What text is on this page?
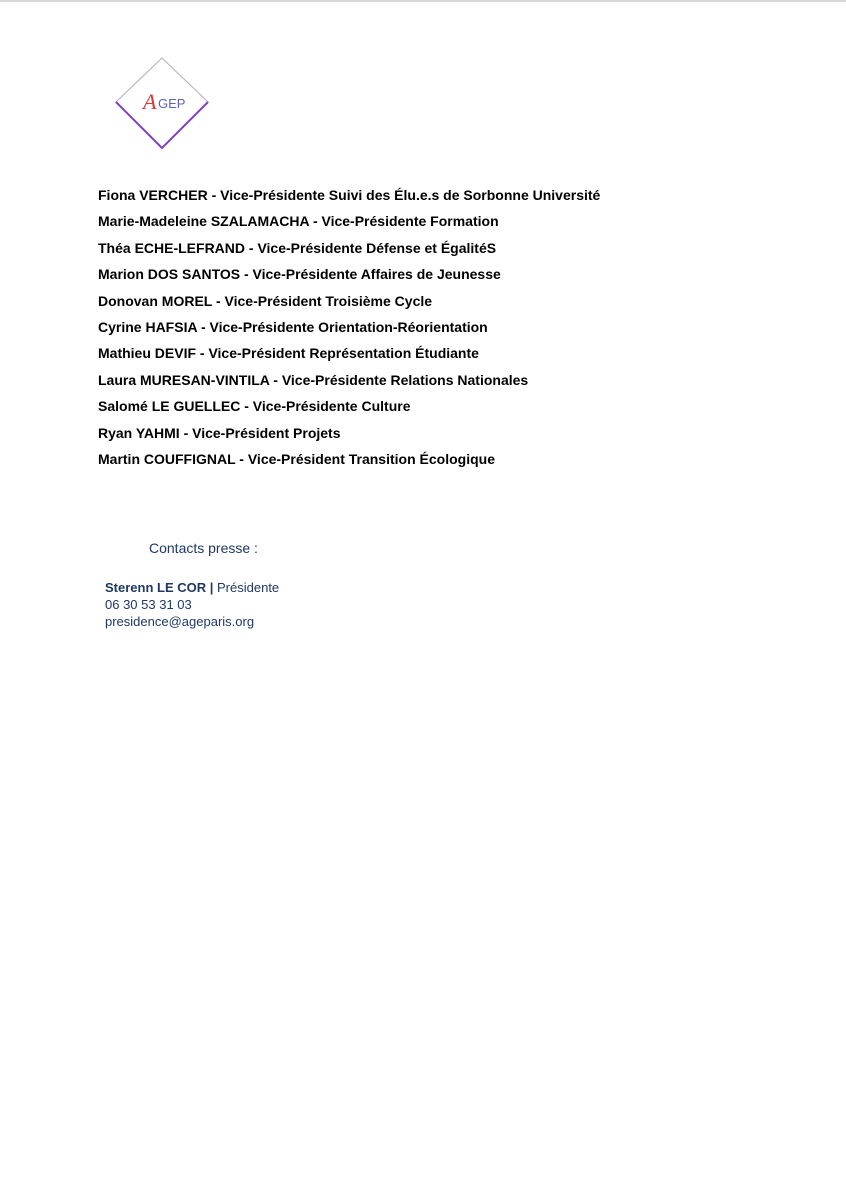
A GEP
Fiona VERCHER - Vice-Présidente Suivi des Élu.e.s de Sorbonne Université
Marie-Madeleine SZALAMACHA - Vice-Présidente Formation
Théa ECHE-LEFRAND - Vice-Présidente Défense et ÉgalitéS
Marion DOS SANTOS - Vice-Présidente Affaires de Jeunesse
Donovan MOREL - Vice-Président Troisième Cycle
Cyrine HAFSIA - Vice-Présidente Orientation-Réorientation
Mathieu DEVIF - Vice-Président Représentation Étudiante
Laura MURESAN-VINTILA - Vice-Présidente Relations Nationales
Salomé LE GUELLEC - Vice-Présidente Culture
Ryan YAHMI - Vice-Président Projets
Martin COUFFIGNAL - Vice-Président Transition Écologique
Contacts presse :
Sterenn LE COR | Présidente
06 30 53 31 03
presidence@ageparis.org
